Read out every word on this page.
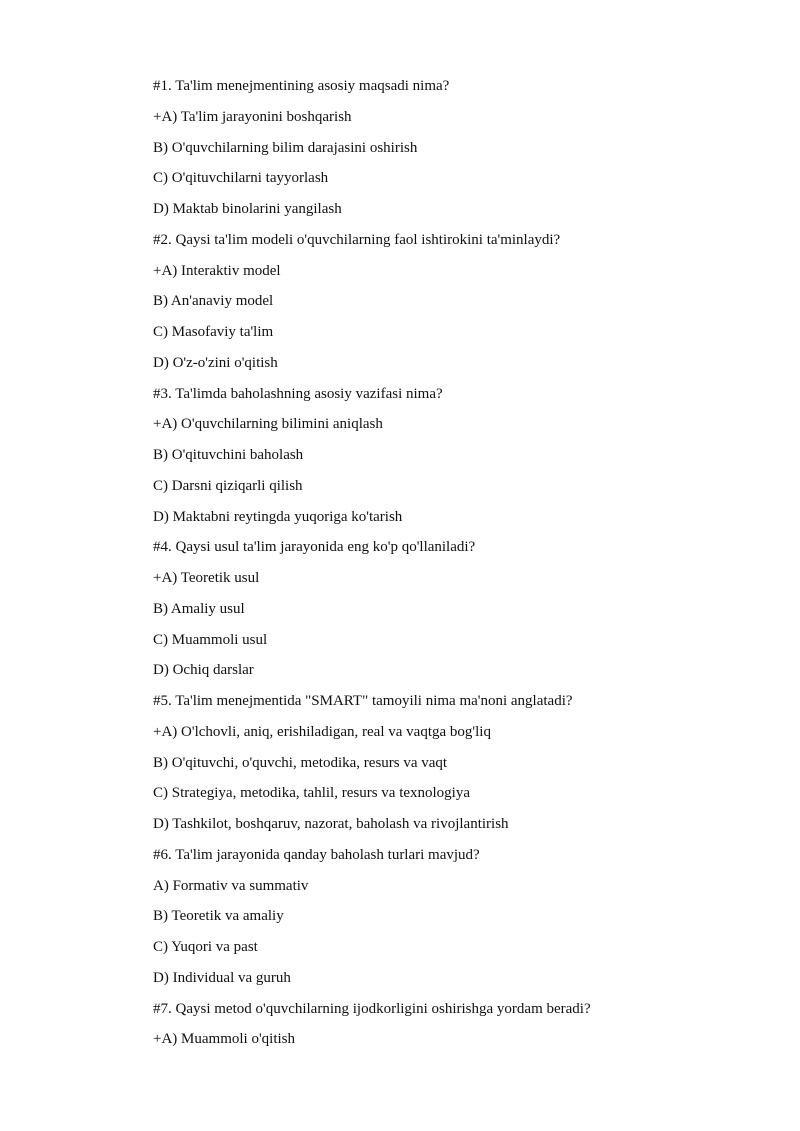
#1. Ta'lim menejmentining asosiy maqsadi nima?
+A) Ta'lim jarayonini boshqarish
B) O'quvchilarning bilim darajasini oshirish
C) O'qituvchilarni tayyorlash
D) Maktab binolarini yangilash
#2. Qaysi ta'lim modeli o'quvchilarning faol ishtirokini ta'minlaydi?
+A) Interaktiv model
B) An'anaviy model
C) Masofaviy ta'lim
D) O'z-o'zini o'qitish
#3. Ta'limda baholashning asosiy vazifasi nima?
+A) O'quvchilarning bilimini aniqlash
B) O'qituvchini baholash
C) Darsni qiziqarli qilish
D) Maktabni reytingda yuqoriga ko'tarish
#4. Qaysi usul ta'lim jarayonida eng ko'p qo'llaniladi?
+A) Teoretik usul
B) Amaliy usul
C) Muammoli usul
D) Ochiq darslar
#5. Ta'lim menejmentida "SMART" tamoyili nima ma'noni anglatadi?
+A) O'lchovli, aniq, erishiladigan, real va vaqtga bog'liq
B) O'qituvchi, o'quvchi, metodika, resurs va vaqt
C) Strategiya, metodika, tahlil, resurs va texnologiya
D) Tashkilot, boshqaruv, nazorat, baholash va rivojlantirish
#6. Ta'lim jarayonida qanday baholash turlari mavjud?
A) Formativ va summativ
B) Teoretik va amaliy
C) Yuqori va past
D) Individual va guruh
#7. Qaysi metod o'quvchilarning ijodkorligini oshirishga yordam beradi?
+A) Muammoli o'qitish
